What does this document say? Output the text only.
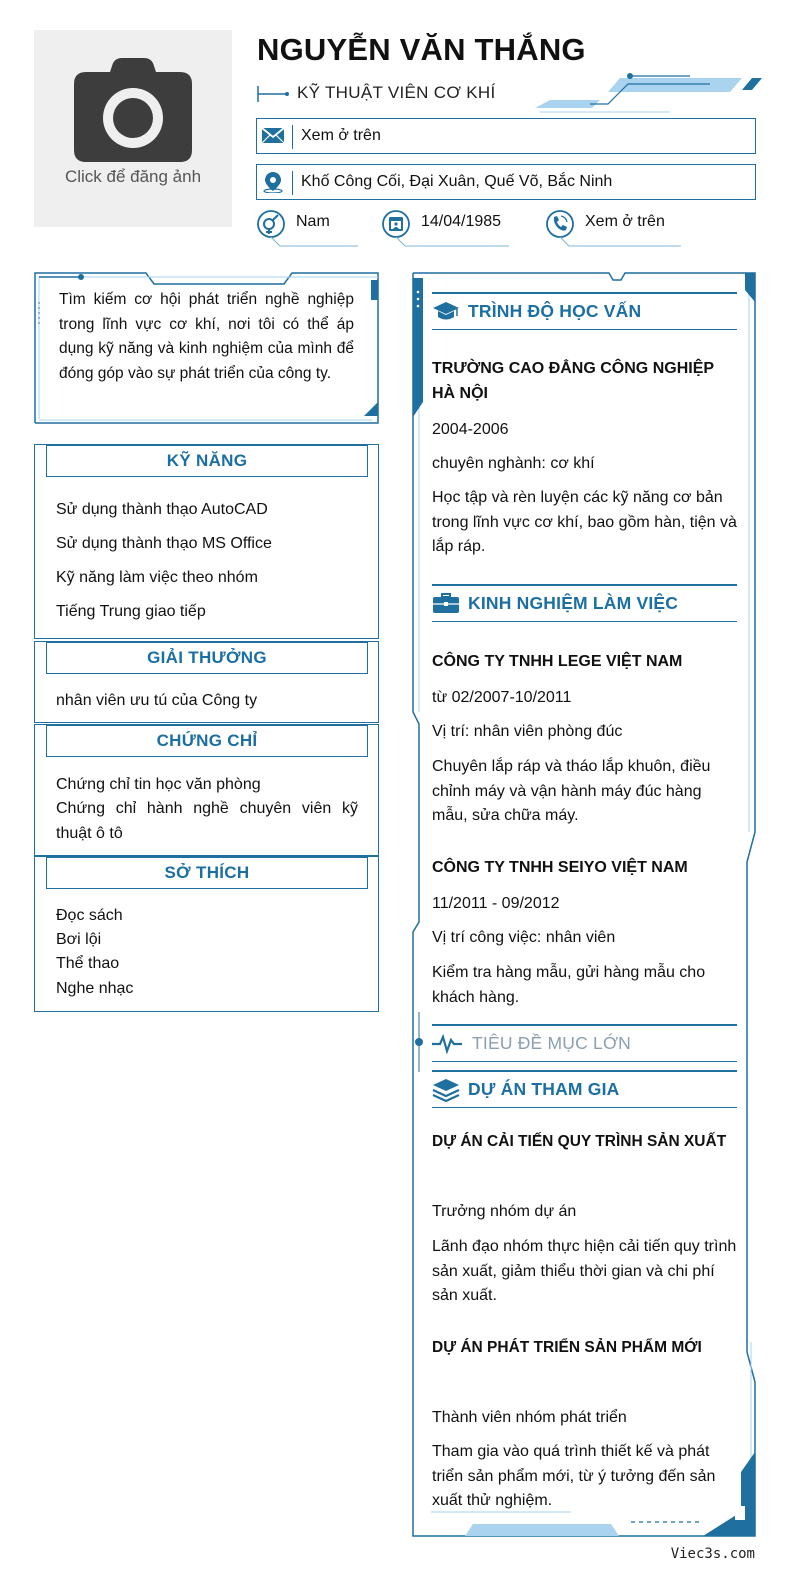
Click để đăng ảnh
NGUYỄN VĂN THẮNG
KỸ THUẬT VIÊN CƠ KHÍ
Xem ở trên
Khố Công Cối, Đại Xuân, Quế Võ, Bắc Ninh
Nam	14/04/1985	Xem ở trên
Tìm kiếm cơ hội phát triển nghề nghiệp trong lĩnh vực cơ khí, nơi tôi có thể áp dụng kỹ năng và kinh nghiệm của mình để đóng góp vào sự phát triển của công ty.
KỸ NĂNG
Sử dụng thành thạo AutoCAD
Sử dụng thành thạo MS Office
Kỹ năng làm việc theo nhóm
Tiếng Trung giao tiếp
GIẢI THƯỞNG
nhân viên ưu tú của Công ty
CHỨNG CHỈ
Chứng chỉ tin học văn phòng
Chứng chỉ hành nghề chuyên viên kỹ thuật ô tô
SỞ THÍCH
Đọc sách
Bơi lội
Thể thao
Nghe nhạc
TRÌNH ĐỘ HỌC VẤN
TRƯỜNG CAO ĐẲNG CÔNG NGHIỆP HÀ NỘI
2004-2006
chuyên nghành: cơ khí
Học tập và rèn luyện các kỹ năng cơ bản trong lĩnh vực cơ khí, bao gồm hàn, tiện và lắp ráp.
KINH NGHIỆM LÀM VIỆC
CÔNG TY TNHH LEGE VIỆT NAM
từ 02/2007-10/2011
Vị trí: nhân viên phòng đúc
Chuyên lắp ráp và tháo lắp khuôn, điều chỉnh máy và vận hành máy đúc hàng mẫu, sửa chữa máy.
CÔNG TY TNHH SEIYO VIỆT NAM
11/2011 - 09/2012
Vị trí công việc: nhân viên
Kiểm tra hàng mẫu, gửi hàng mẫu cho khách hàng.
TIÊU ĐỀ MỤC LỚN
DỰ ÁN THAM GIA
DỰ ÁN CẢI TIẾN QUY TRÌNH SẢN XUẤT
Trưởng nhóm dự án
Lãnh đạo nhóm thực hiện cải tiến quy trình sản xuất, giảm thiểu thời gian và chi phí sản xuất.
DỰ ÁN PHÁT TRIỂN SẢN PHẨM MỚI
Thành viên nhóm phát triển
Tham gia vào quá trình thiết kế và phát triển sản phẩm mới, từ ý tưởng đến sản xuất thử nghiệm.
Viec3s.com
